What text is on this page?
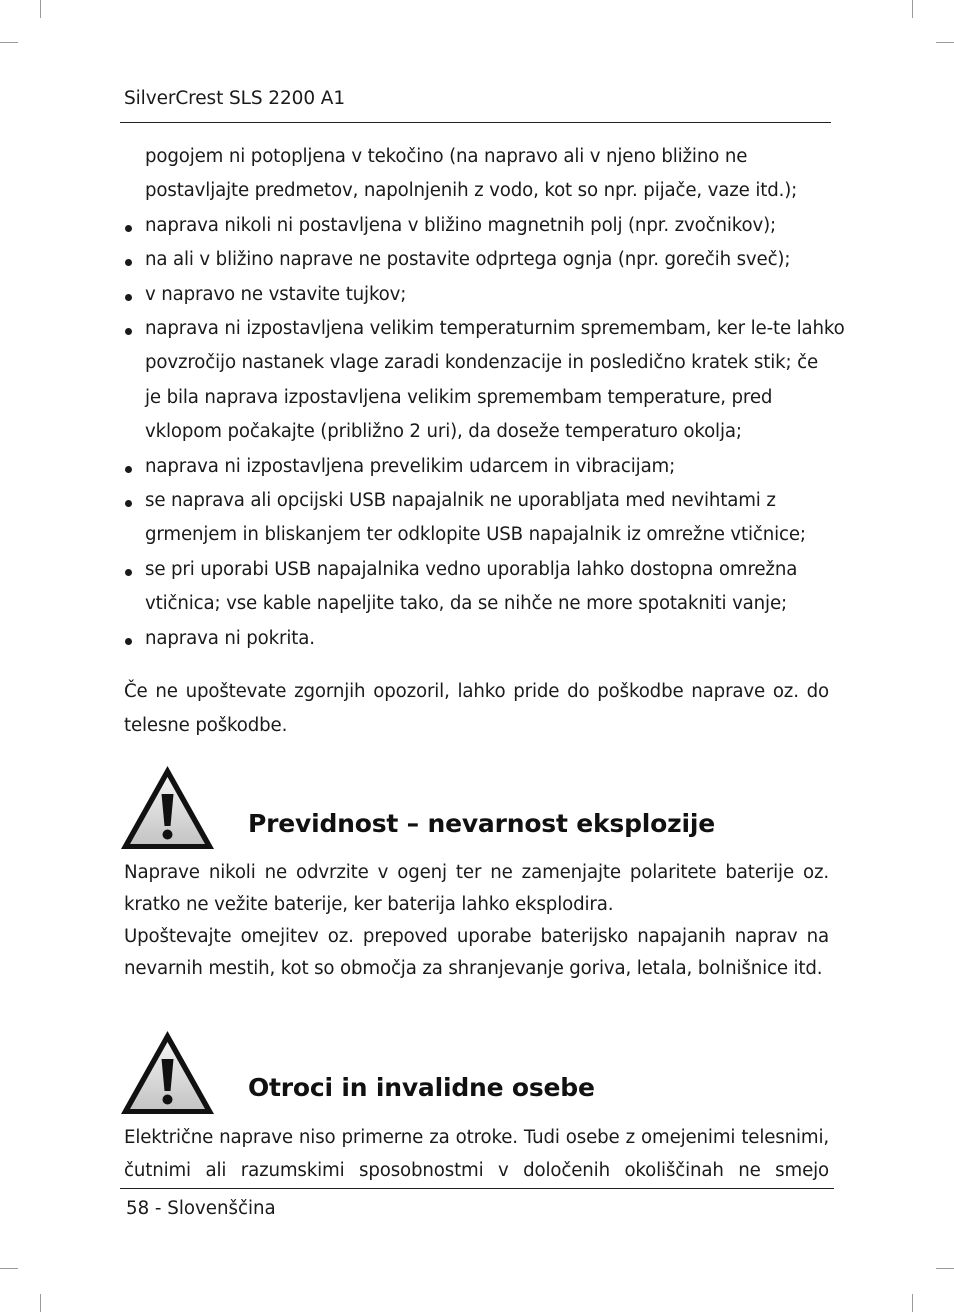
SilverCrest SLS 2200 A1
pogojem ni potopljena v tekočino (na napravo ali v njeno bližino ne
postavljajte predmetov, napolnjenih z vodo, kot so npr. pijače, vaze itd.);
naprava nikoli ni postavljena v bližino magnetnih polj (npr. zvočnikov);
na ali v bližino naprave ne postavite odprtega ognja (npr. gorečih sveč);
v napravo ne vstavite tujkov;
naprava ni izpostavljena velikim temperaturnim spremembam, ker le-te lahko
povzročijo nastanek vlage zaradi kondenzacije in posledično kratek stik; če
je bila naprava izpostavljena velikim spremembam temperature, pred
vklopom počakajte (približno 2 uri), da doseže temperaturo okolja;
naprava ni izpostavljena prevelikim udarcem in vibracijam;
se naprava ali opcijski USB napajalnik ne uporabljata med nevihtami z
grmenjem in bliskanjem ter odklopite USB napajalnik iz omrežne vtičnice;
se pri uporabi USB napajalnika vedno uporablja lahko dostopna omrežna
vtičnica; vse kable napeljite tako, da se nihče ne more spotakniti vanje;
naprava ni pokrita.
Če ne upoštevate zgornjih opozoril, lahko pride do poškodbe naprave oz. do
telesne poškodbe.
Previdnost – nevarnost eksplozije
Naprave nikoli ne odvrzite v ogenj ter ne zamenjajte polaritete baterije oz.
kratko ne vežite baterije, ker baterija lahko eksplodira.
Upoštevajte omejitev oz. prepoved uporabe baterijsko napajanih naprav na
nevarnih mestih, kot so območja za shranjevanje goriva, letala, bolnišnice itd.
Otroci in invalidne osebe
Električne naprave niso primerne za otroke. Tudi osebe z omejenimi telesnimi,
čutnimi ali razumskimi sposobnostmi v določenih okoliščinah ne smejo
58 - Slovenščina
